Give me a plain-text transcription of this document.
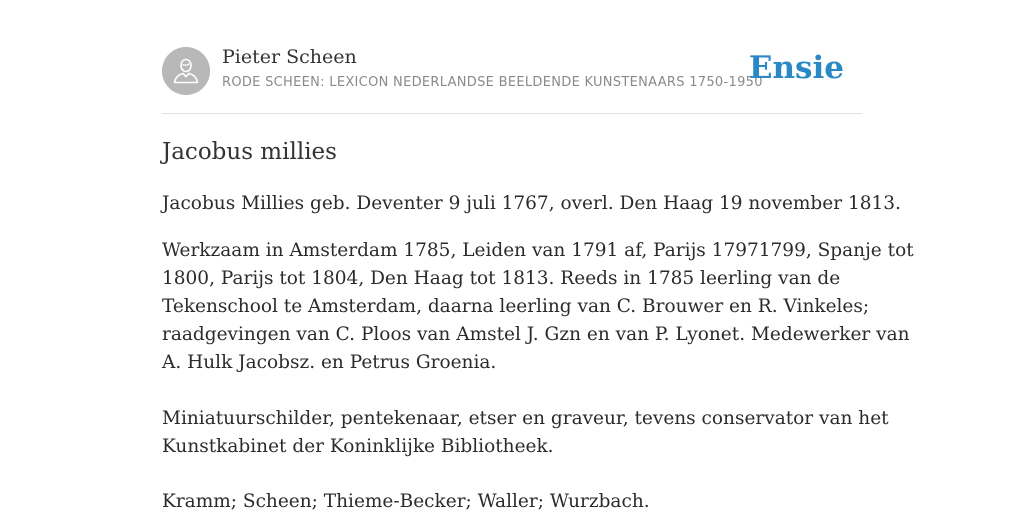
Pieter Scheen
RODE SCHEEN: LEXICON NEDERLANDSE BEELDENDE KUNSTENAARS 1750-1950
Ensie
Jacobus millies

Jacobus Millies geb. Deventer 9 juli 1767, overl. Den Haag 19 november 1813.

Werkzaam in Amsterdam 1785, Leiden van 1791 af, Parijs 17971799, Spanje tot
1800, Parijs tot 1804, Den Haag tot 1813. Reeds in 1785 leerling van de
Tekenschool te Amsterdam, daarna leerling van C. Brouwer en R. Vinkeles;
raadgevingen van C. Ploos van Amstel J. Gzn en van P. Lyonet. Medewerker van
A. Hulk Jacobsz. en Petrus Groenia.

Miniatuurschilder, pentekenaar, etser en graveur, tevens conservator van het
Kunstkabinet der Koninklijke Bibliotheek.

Kramm; Scheen; Thieme-Becker; Waller; Wurzbach.
